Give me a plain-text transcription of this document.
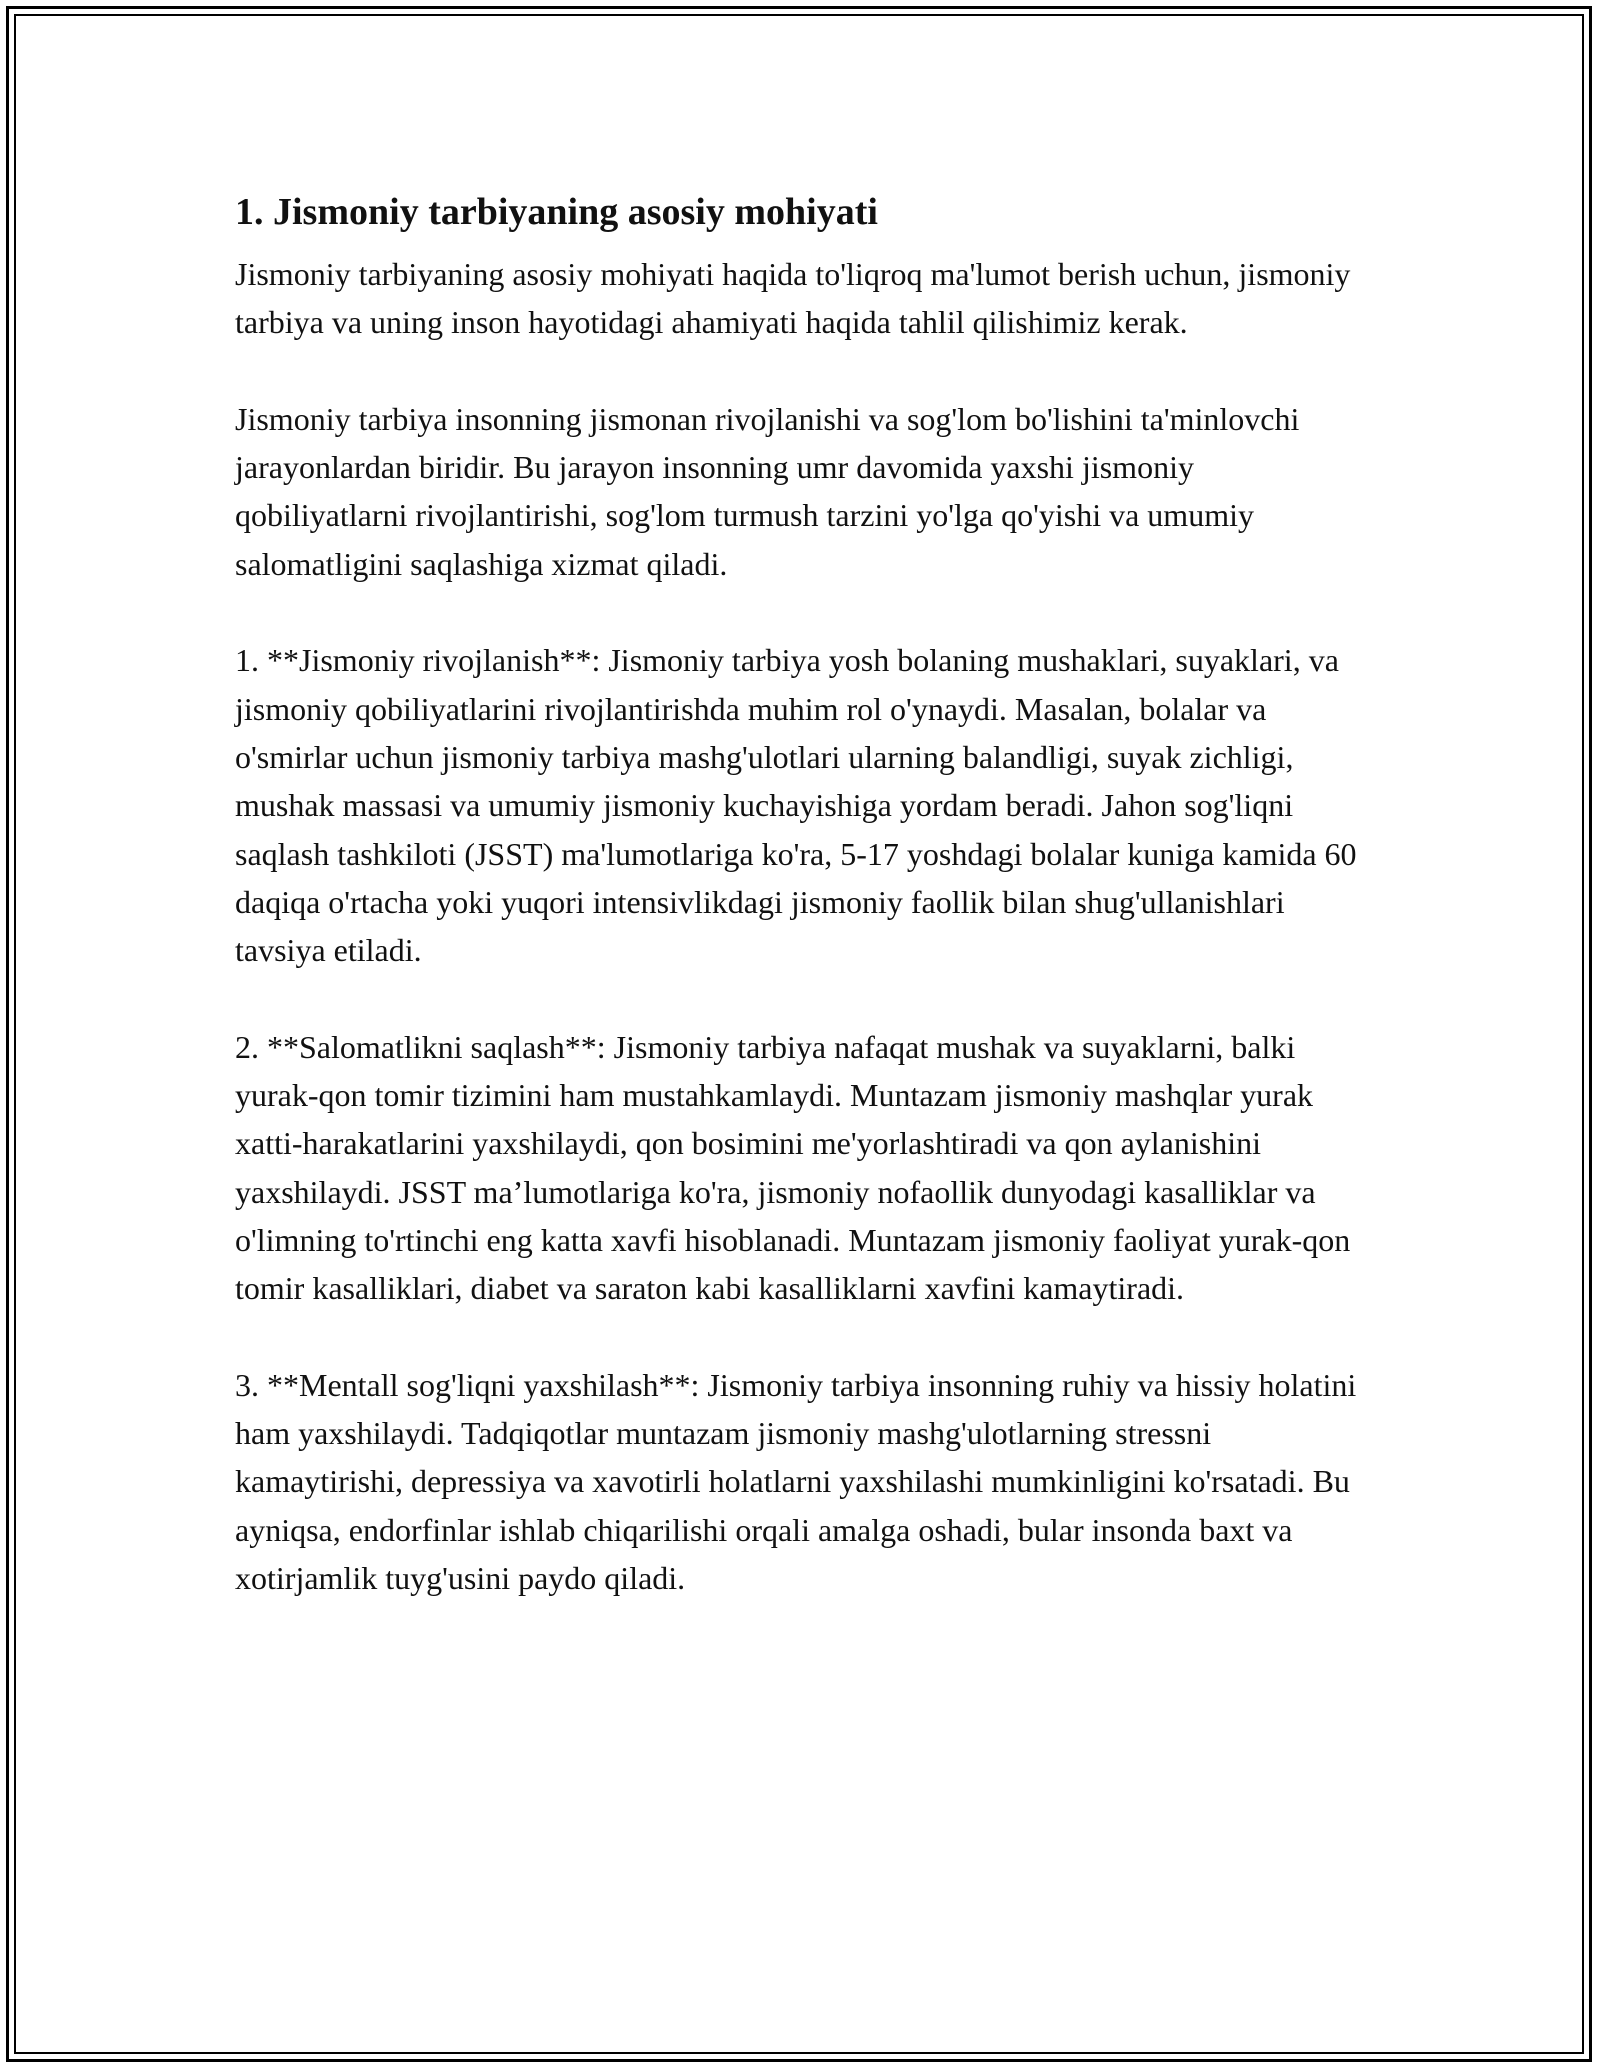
1. Jismoniy tarbiyaning asosiy mohiyati

Jismoniy tarbiyaning asosiy mohiyati haqida to'liqroq ma'lumot berish uchun, jismoniy tarbiya va uning inson hayotidagi ahamiyati haqida tahlil qilishimiz kerak.

Jismoniy tarbiya insonning jismonan rivojlanishi va sog'lom bo'lishini ta'minlovchi jarayonlardan biridir. Bu jarayon insonning umr davomida yaxshi jismoniy qobiliyatlarni rivojlantirishi, sog'lom turmush tarzini yo'lga qo'yishi va umumiy salomatligini saqlashiga xizmat qiladi.

1. **Jismoniy rivojlanish**: Jismoniy tarbiya yosh bolaning mushaklari, suyaklari, va jismoniy qobiliyatlarini rivojlantirishda muhim rol o'ynaydi. Masalan, bolalar va o'smirlar uchun jismoniy tarbiya mashg'ulotlari ularning balandligi, suyak zichligi, mushak massasi va umumiy jismoniy kuchayishiga yordam beradi. Jahon sog'liqni saqlash tashkiloti (JSST) ma'lumotlariga ko'ra, 5-17 yoshdagi bolalar kuniga kamida 60 daqiqa o'rtacha yoki yuqori intensivlikdagi jismoniy faollik bilan shug'ullanishlari tavsiya etiladi.

2. **Salomatlikni saqlash**: Jismoniy tarbiya nafaqat mushak va suyaklarni, balki yurak-qon tomir tizimini ham mustahkamlaydi. Muntazam jismoniy mashqlar yurak xatti-harakatlarini yaxshilaydi, qon bosimini me'yorlashtiradi va qon aylanishini yaxshilaydi. JSST ma’lumotlariga ko'ra, jismoniy nofaollik dunyodagi kasalliklar va o'limning to'rtinchi eng katta xavfi hisoblanadi. Muntazam jismoniy faoliyat yurak-qon tomir kasalliklari, diabet va saraton kabi kasalliklarni xavfini kamaytiradi.

3. **Mentall sog'liqni yaxshilash**: Jismoniy tarbiya insonning ruhiy va hissiy holatini ham yaxshilaydi. Tadqiqotlar muntazam jismoniy mashg'ulotlarning stressni kamaytirishi, depressiya va xavotirli holatlarni yaxshilashi mumkinligini ko'rsatadi. Bu ayniqsa, endorfinlar ishlab chiqarilishi orqali amalga oshadi, bular insonda baxt va xotirjamlik tuyg'usini paydo qiladi.
